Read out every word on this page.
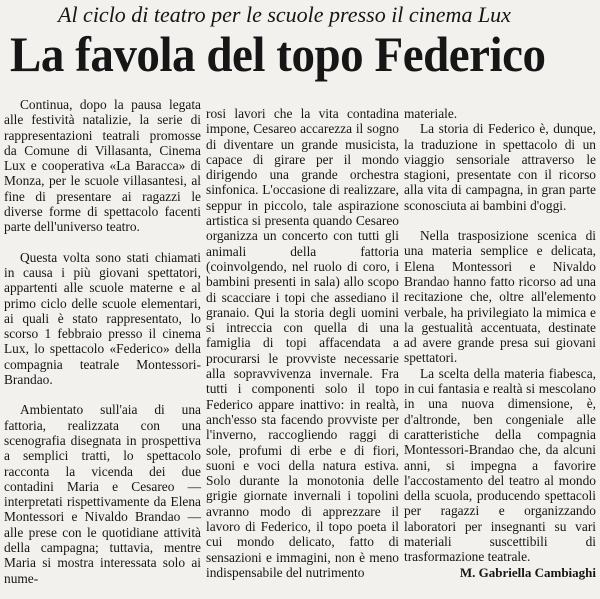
Al ciclo di teatro per le scuole presso il cinema Lux
La favola del topo Federico

Continua, dopo la pausa legata alle festività natalizie, la serie di rappresentazioni teatrali promosse da Comune di Villasanta, Cinema Lux e cooperativa «La Baracca» di Monza, per le scuole villasantesi, al fine di presentare ai ragazzi le diverse forme di spettacolo facenti parte dell'universo teatro.

Questa volta sono stati chiamati in causa i più giovani spettatori, appartenti alle scuole materne e al primo ciclo delle scuole elementari, ai quali è stato rappresentato, lo scorso 1 febbraio presso il cinema Lux, lo spettacolo «Federico» della compagnia teatrale Montessori-Brandao.

Ambientato sull'aia di una fattoria, realizzata con una scenografia disegnata in prospettiva a semplici tratti, lo spettacolo racconta la vicenda dei due contadini Maria e Cesareo — interpretati rispettivamente da Elena Montessori e Nivaldo Brandao — alle prese con le quotidiane attività della campagna; tuttavia, mentre Maria si mostra interessata solo ai nume-

rosi lavori che la vita contadina impone, Cesareo accarezza il sogno di diventare un grande musicista, capace di girare per il mondo dirigendo una grande orchestra sinfonica. L'occasione di realizzare, seppur in piccolo, tale aspirazione artistica si presenta quando Cesareo organizza un concerto con tutti gli animali della fattoria (coinvolgendo, nel ruolo di coro, i bambini presenti in sala) allo scopo di scacciare i topi che assediano il granaio. Qui la storia degli uomini si intreccia con quella di una famiglia di topi affacendata a procurarsi le provviste necessarie alla sopravvivenza invernale. Fra tutti i componenti solo il topo Federico appare inattivo: in realtà, anch'esso sta facendo provviste per l'inverno, raccogliendo raggi di sole, profumi di erbe e di fiori, suoni e voci della natura estiva. Solo durante la monotonia delle grigie giornate invernali i topolini avranno modo di apprezzare il lavoro di Federico, il topo poeta il cui mondo delicato, fatto di sensazioni e immagini, non è meno indispensabile del nutrimento

materiale.

La storia di Federico è, dunque, la traduzione in spettacolo di un viaggio sensoriale attraverso le stagioni, presentate con il ricorso alla vita di campagna, in gran parte sconosciuta ai bambini d'oggi.

Nella trasposizione scenica di una materia semplice e delicata, Elena Montessori e Nivaldo Brandao hanno fatto ricorso ad una recitazione che, oltre all'elemento verbale, ha privilegiato la mimica e la gestualità accentuata, destinate ad avere grande presa sui giovani spettatori.

La scelta della materia fiabesca, in cui fantasia e realtà si mescolano in una nuova dimensione, è, d'altronde, ben congeniale alle caratteristiche della compagnia Montessori-Brandao che, da alcuni anni, si impegna a favorire l'accostamento del teatro al mondo della scuola, producendo spettacoli per ragazzi e organizzando laboratori per insegnanti su vari materiali suscettibili di trasformazione teatrale.

M. Gabriella Cambiaghi
